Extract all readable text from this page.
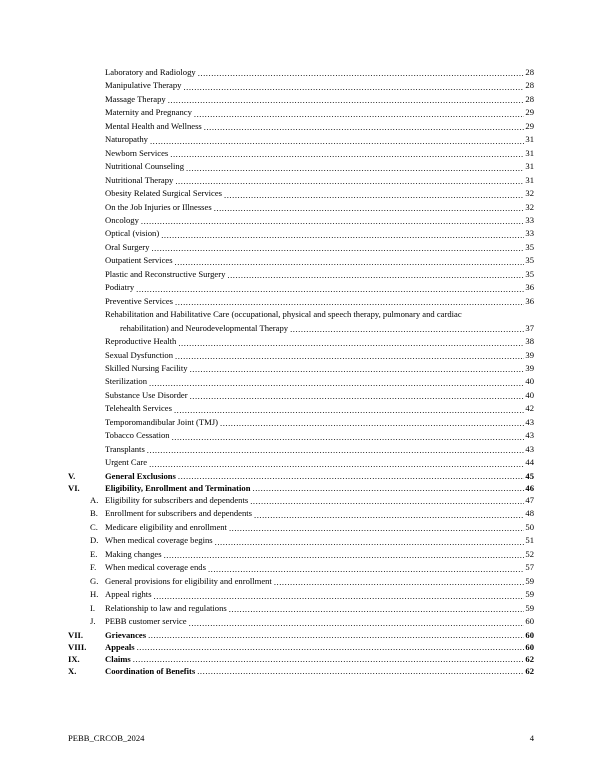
Laboratory and Radiology .....	28
Manipulative Therapy .....	28
Massage Therapy .....	28
Maternity and Pregnancy .....	29
Mental Health and Wellness .....	29
Naturopathy .....	31
Newborn Services .....	31
Nutritional Counseling .....	31
Nutritional Therapy .....	31
Obesity Related Surgical Services .....	32
On the Job Injuries or Illnesses .....	32
Oncology .....	33
Optical (vision) .....	33
Oral Surgery .....	35
Outpatient Services .....	35
Plastic and Reconstructive Surgery .....	35
Podiatry .....	36
Preventive Services .....	36
Rehabilitation and Habilitative Care (occupational, physical and speech therapy, pulmonary and cardiac
rehabilitation) and Neurodevelopmental Therapy .....	37
Reproductive Health .....	38
Sexual Dysfunction .....	39
Skilled Nursing Facility .....	39
Sterilization .....	40
Substance Use Disorder .....	40
Telehealth Services .....	42
Temporomandibular Joint (TMJ) .....	43
Tobacco Cessation .....	43
Transplants .....	43
Urgent Care .....	44
V.	General Exclusions .....	45
VI.	Eligibility, Enrollment and Termination .....	46
A. Eligibility for subscribers and dependents .....	47
B. Enrollment for subscribers and dependents .....	48
C. Medicare eligibility and enrollment .....	50
D. When medical coverage begins .....	51
E. Making changes .....	52
F.	When medical coverage ends .....	57
G. General provisions for eligibility and enrollment .....	59
H. Appeal rights .....	59
I.	Relationship to law and regulations .....	59
J.	PEBB customer service .....	60
VII.	Grievances .....	60
VIII.	Appeals .....	60
IX.	Claims .....	62
X.	Coordination of Benefits .....	62
PEBB_CRCOB_2024	4
